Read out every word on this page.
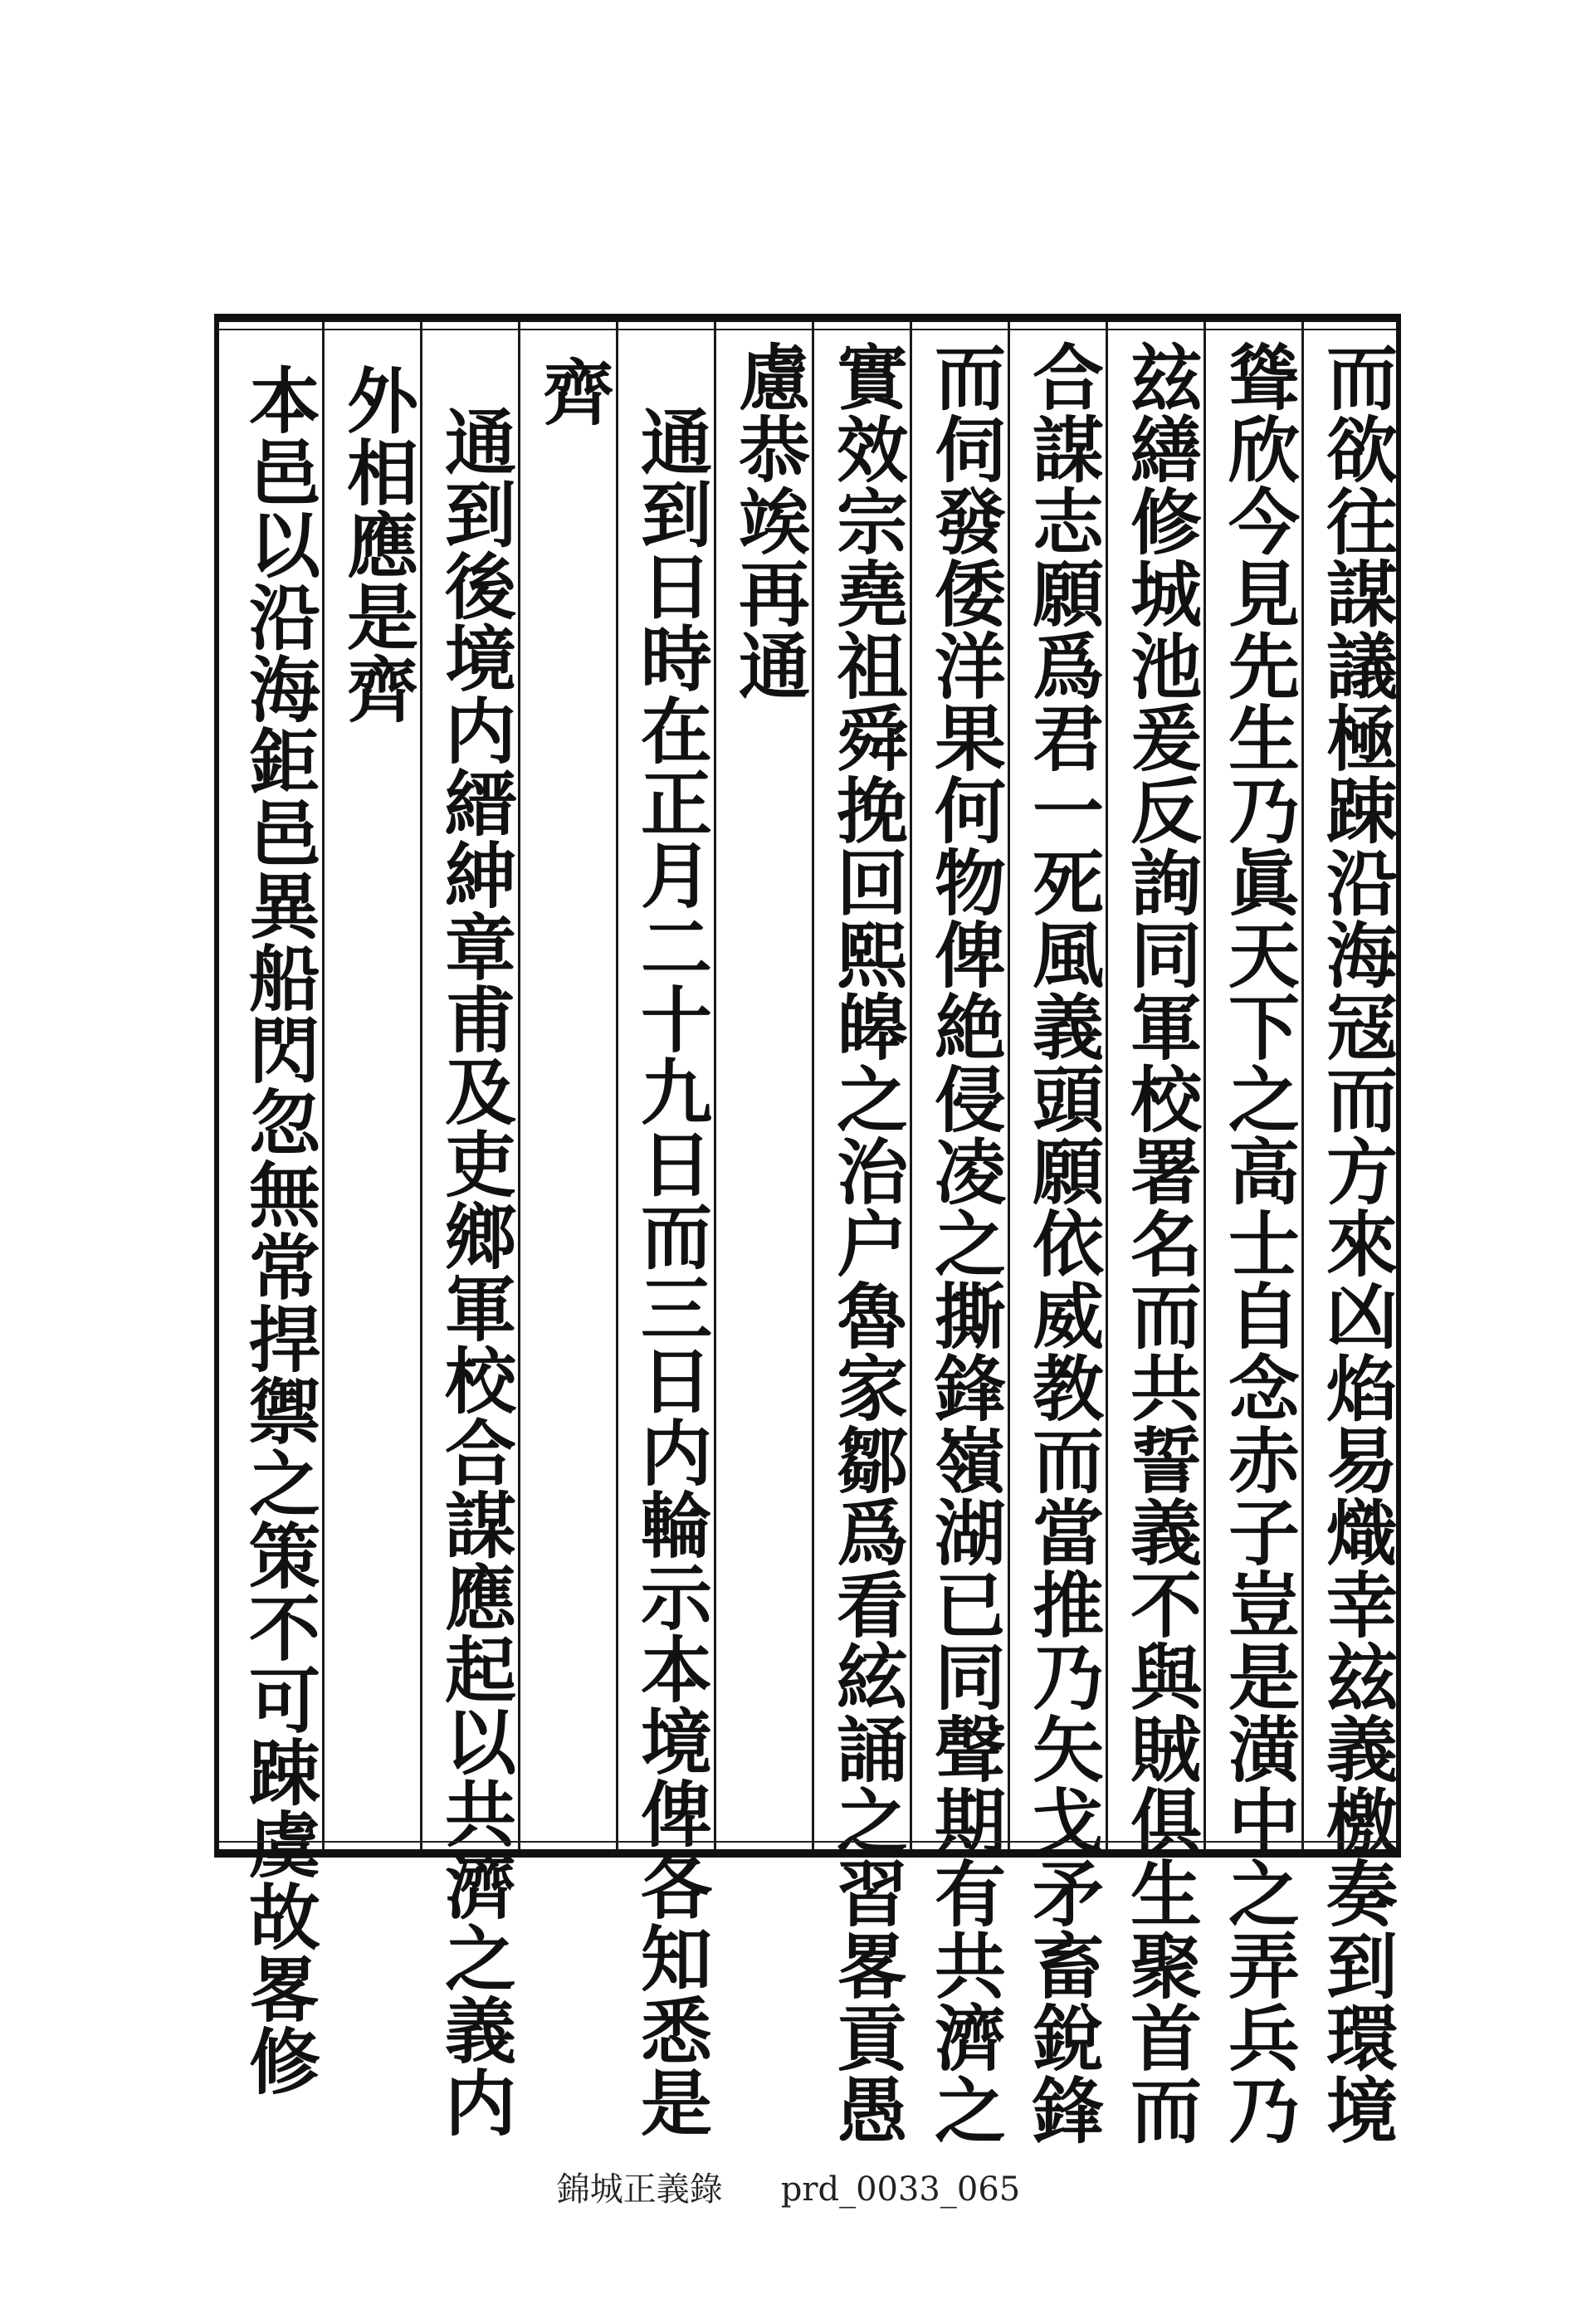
而欲往謀議極踈沿海冦而方來凶焰易熾幸玆義檄奏到環境
聳欣今見先生乃眞天下之高士自念赤子豈是潢中之弄兵乃
玆繕修城池爰反詢同軍校署名而共誓義不與賊俱生聚首而
合謀志願爲君一死風義頭願依威教而當推乃矢戈矛畜銳鋒
而伺發倭洋果何物俾絶侵凌之撕鋒嶺湖已同聲期有共濟之
實效宗堯祖舜挽回熙皞之治户魯家鄒爲看絃誦之習畧貢愚
慮恭竢再通
通到日時在正月二十九日而三日内輪示本境俾各知悉是
齊
通到後境内縉紳章甫及吏鄉軍校合謀應起以共濟之義内
外相應是齊
本邑以沿海鉅邑異船閃忽無常捍禦之策不可踈虞故畧修
錦城正義錄 prd_0033_065
